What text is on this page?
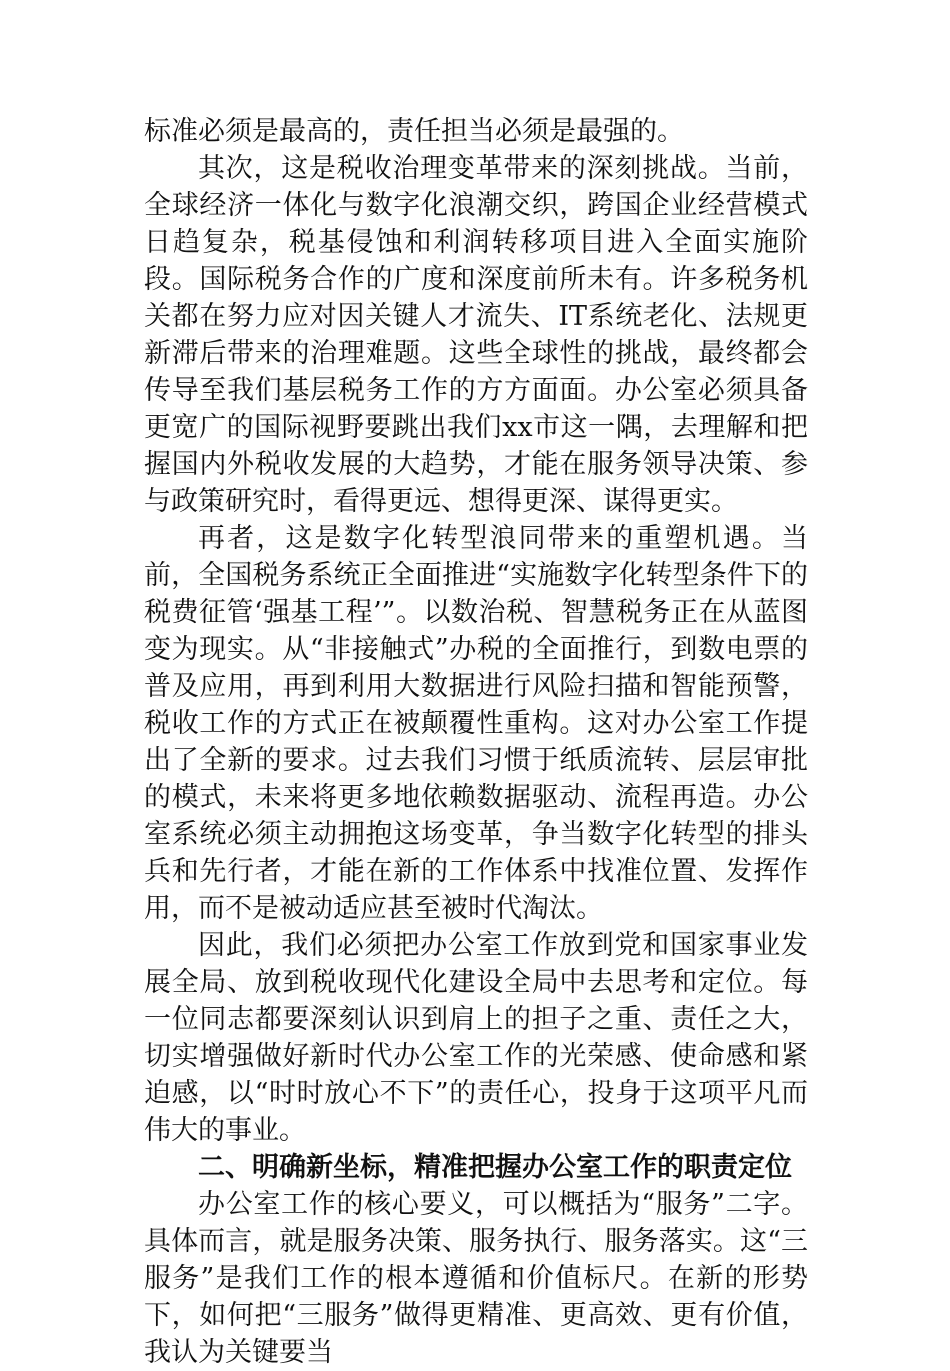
标准必须是最高的，责任担当必须是最强的。

其次，这是税收治理变革带来的深刻挑战。当前，全球经济一体化与数字化浪潮交织，跨国企业经营模式日趋复杂，税基侵蚀和利润转移项目进入全面实施阶段。国际税务合作的广度和深度前所未有。许多税务机关都在努力应对因关键人才流失、IT系统老化、法规更新滞后带来的治理难题。这些全球性的挑战，最终都会传导至我们基层税务工作的方方面面。办公室必须具备更宽广的国际视野要跳出我们xx市这一隅，去理解和把握国内外税收发展的大趋势，才能在服务领导决策、参与政策研究时，看得更远、想得更深、谋得更实。

再者，这是数字化转型浪同带来的重塑机遇。当前，全国税务系统正全面推进“实施数字化转型条件下的税费征管‘强基工程’”。以数治税、智慧税务正在从蓝图变为现实。从“非接触式”办税的全面推行，到数电票的普及应用，再到利用大数据进行风险扫描和智能预警，税收工作的方式正在被颠覆性重构。这对办公室工作提出了全新的要求。过去我们习惯于纸质流转、层层审批的模式，未来将更多地依赖数据驱动、流程再造。办公室系统必须主动拥抱这场变革，争当数字化转型的排头兵和先行者，才能在新的工作体系中找准位置、发挥作用，而不是被动适应甚至被时代淘汰。

因此，我们必须把办公室工作放到党和国家事业发展全局、放到税收现代化建设全局中去思考和定位。每一位同志都要深刻认识到肩上的担子之重、责任之大，切实增强做好新时代办公室工作的光荣感、使命感和紧迫感，以“时时放心不下”的责任心，投身于这项平凡而伟大的事业。

二、明确新坐标，精准把握办公室工作的职责定位

办公室工作的核心要义，可以概括为“服务”二字。具体而言，就是服务决策、服务执行、服务落实。这“三服务”是我们工作的根本遵循和价值标尺。在新的形势下，如何把“三服务”做得更精准、更高效、更有价值，我认为关键要当
